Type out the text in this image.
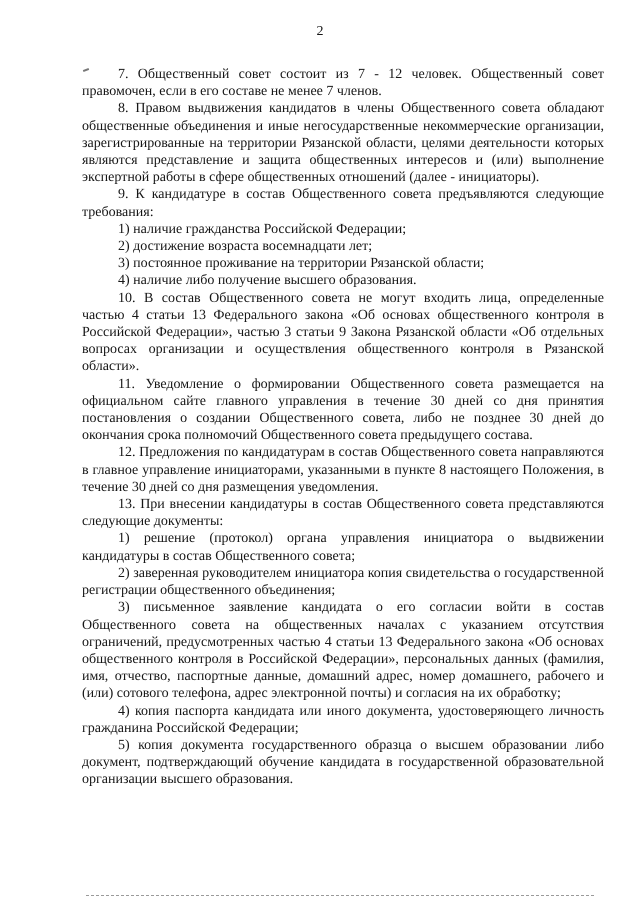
2

7. Общественный совет состоит из 7 - 12 человек. Общественный совет правомочен, если в его составе не менее 7 членов.

8. Правом выдвижения кандидатов в члены Общественного совета обладают общественные объединения и иные негосударственные некоммерческие организации, зарегистрированные на территории Рязанской области, целями деятельности которых являются представление и защита общественных интересов и (или) выполнение экспертной работы в сфере общественных отношений (далее - инициаторы).

9. К кандидатуре в состав Общественного совета предъявляются следующие требования:

1) наличие гражданства Российской Федерации;

2) достижение возраста восемнадцати лет;

3) постоянное проживание на территории Рязанской области;

4) наличие либо получение высшего образования.

10. В состав Общественного совета не могут входить лица, определенные частью 4 статьи 13 Федерального закона «Об основах общественного контроля в Российской Федерации», частью 3 статьи 9 Закона Рязанской области «Об отдельных вопросах организации и осуществления общественного контроля в Рязанской области».

11. Уведомление о формировании Общественного совета размещается на официальном сайте главного управления в течение 30 дней со дня принятия постановления о создании Общественного совета, либо не позднее 30 дней до окончания срока полномочий Общественного совета предыдущего состава.

12. Предложения по кандидатурам в состав Общественного совета направляются в главное управление инициаторами, указанными в пункте 8 настоящего Положения, в течение 30 дней со дня размещения уведомления.

13. При внесении кандидатуры в состав Общественного совета представляются следующие документы:

1) решение (протокол) органа управления инициатора о выдвижении кандидатуры в состав Общественного совета;

2) заверенная руководителем инициатора копия свидетельства о государственной регистрации общественного объединения;

3) письменное заявление кандидата о его согласии войти в состав Общественного совета на общественных началах с указанием отсутствия ограничений, предусмотренных частью 4 статьи 13 Федерального закона «Об основах общественного контроля в Российской Федерации», персональных данных (фамилия, имя, отчество, паспортные данные, домашний адрес, номер домашнего, рабочего и (или) сотового телефона, адрес электронной почты) и согласия на их обработку;

4) копия паспорта кандидата или иного документа, удостоверяющего личность гражданина Российской Федерации;

5) копия документа государственного образца о высшем образовании либо документ, подтверждающий обучение кандидата в государственной образовательной организации высшего образования.
